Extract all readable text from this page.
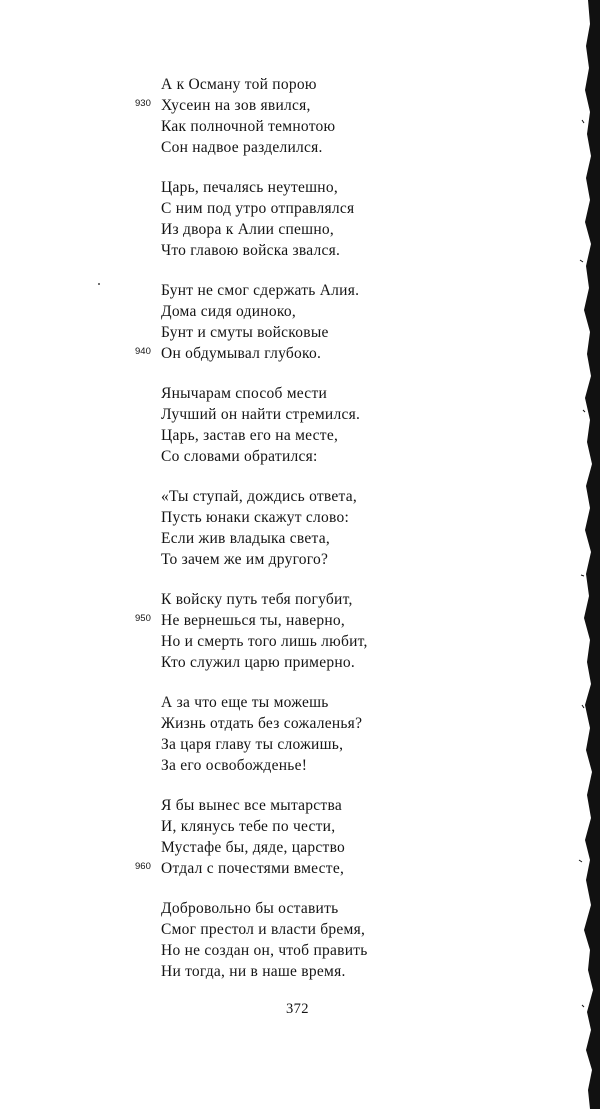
А к Осману той порою
930 Хусеин на зов явился,
Как полночной темнотою
Сон надвое разделился.
Царь, печалясь неутешно,
С ним под утро отправлялся
Из двора к Алии спешно,
Что главою войска звался.
Бунт не смог сдержать Алия.
Дома сидя одиноко,
Бунт и смуты войсковые
940 Он обдумывал глубоко.
Янычарам способ мести
Лучший он найти стремился.
Царь, застав его на месте,
Со словами обратился:
«Ты ступай, дождись ответа,
Пусть юнаки скажут слово:
Если жив владыка света,
То зачем же им другого?
К войску путь тебя погубит,
950 Не вернешься ты, наверно,
Но и смерть того лишь любит,
Кто служил царю примерно.
А за что еще ты можешь
Жизнь отдать без сожаленья?
За царя главу ты сложишь,
За его освобожденье!
Я бы вынес все мытарства
И, клянусь тебе по чести,
Мустафе бы, дяде, царство
960 Отдал с почестями вместе,
Добровольно бы оставить
Смог престол и власти бремя,
Но не создан он, чтоб править
Ни тогда, ни в наше время.
372
